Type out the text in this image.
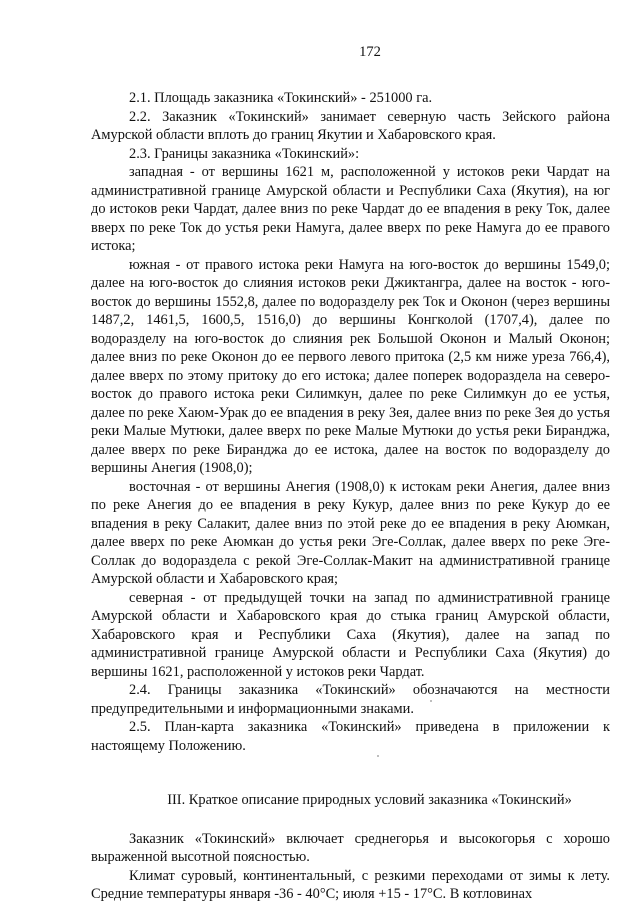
172

2.1. Площадь заказника «Токинский» - 251000 га.

2.2. Заказник «Токинский» занимает северную часть Зейского района Амурской области вплоть до границ Якутии и Хабаровского края.

2.3. Границы заказника «Токинский»:

западная - от вершины 1621 м, расположенной у истоков реки Чардат на административной границе Амурской области и Республики Саха (Якутия), на юг до истоков реки Чардат, далее вниз по реке Чардат до ее впадения в реку Ток, далее вверх по реке Ток до устья реки Намуга, далее вверх по реке Намуга до ее правого истока;

южная - от правого истока реки Намуга на юго-восток до вершины 1549,0; далее на юго-восток до слияния истоков реки Джиктангра, далее на восток - юго-восток до вершины 1552,8, далее по водоразделу рек Ток и Оконон (через вершины 1487,2, 1461,5, 1600,5, 1516,0) до вершины Конгколой (1707,4), далее по водоразделу на юго-восток до слияния рек Большой Оконон и Малый Оконон; далее вниз по реке Оконон до ее первого левого притока (2,5 км ниже уреза 766,4), далее вверх по этому притоку до его истока; далее поперек водораздела на северо-восток до правого истока реки Силимкун, далее по реке Силимкун до ее устья, далее по реке Хаюм-Урак до ее впадения в реку Зея, далее вниз по реке Зея до устья реки Малые Мутюки, далее вверх по реке Малые Мутюки до устья реки Биранджа, далее вверх по реке Биранджа до ее истока, далее на восток по водоразделу до вершины Анегия (1908,0);

восточная - от вершины Анегия (1908,0) к истокам реки Анегия, далее вниз по реке Анегия до ее впадения в реку Кукур, далее вниз по реке Кукур до ее впадения в реку Салакит, далее вниз по этой реке до ее впадения в реку Аюмкан, далее вверх по реке Аюмкан до устья реки Эге-Соллак, далее вверх по реке Эге-Соллак до водораздела с рекой Эге-Соллак-Макит на административной границе Амурской области и Хабаровского края;

северная - от предыдущей точки на запад по административной границе Амурской области и Хабаровского края до стыка границ Амурской области, Хабаровского края и Республики Саха (Якутия), далее на запад по административной границе Амурской области и Республики Саха (Якутия) до вершины 1621, расположенной у истоков реки Чардат.

2.4. Границы заказника «Токинский» обозначаются на местности предупредительными и информационными знаками.

2.5. План-карта заказника «Токинский» приведена в приложении к настоящему Положению.

III. Краткое описание природных условий заказника «Токинский»

Заказник «Токинский» включает среднегорья и высокогорья с хорошо выраженной высотной поясностью.

Климат суровый, континентальный, с резкими переходами от зимы к лету. Средние температуры января -36 - 40°С; июля +15 - 17°С. В котловинах
